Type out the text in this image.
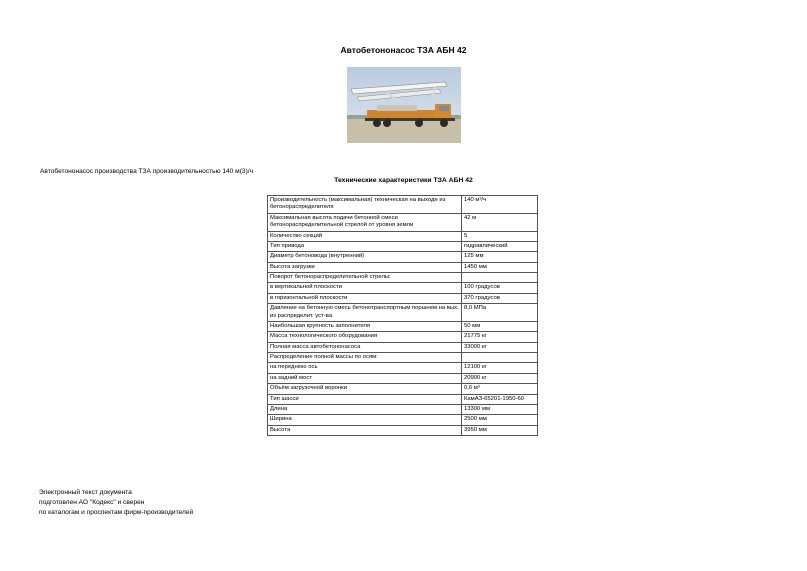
Автобетононасос ТЗА АБН 42
Автобетононасос производства ТЗА производительностью 140 м(3)/ч
Технические характеристики ТЗА АБН 42
Производительность (максимальная) техническая на выходе из бетонораспределителя	140 м³/ч
Максимальная высота подачи бетонной смеси бетонораспределительной стрелой от уровня земли	42 м
Количество секций	5
Тип привода	гидравлический
Диаметр бетоновода (внутренний)	125 мм
Высота загрузки	1450 мм
Поворот бетонораспределительной стрелы:	
в вертикальной плоскости	100 градусов
в горизонтальной плоскости	370 градусов
Давление на бетонную смесь бетонотранспортным поршнем на вых. из распределит. уст-ва	8,0 МПа
Наибольшая крупность заполнителя	50 мм
Масса технологического оборудования	21775 кг
Полная масса автобетононасоса	33000 кг
Распределение полной массы по осям:	
на переднюю ось	12100 кг
на задний мост	20900 кг
Объём загрузочной воронки	0,6 м³
Тип шасси	КамАЗ-65201-1950-60
Длина	13300 мм
Ширина	2500 мм
Высота	3950 мм
Электронный текст документа
подготовлен АО "Кодекс" и сверен
по каталогам и проспектам фирм-производителей
